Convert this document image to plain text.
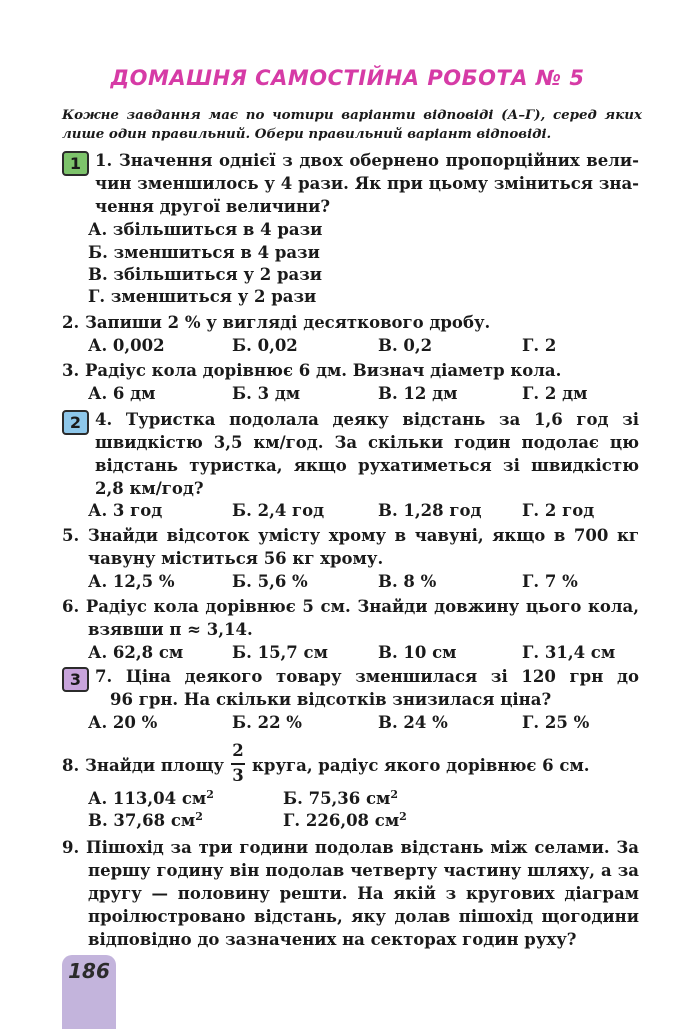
ДОМАШНЯ САМОСТІЙНА РОБОТА № 5
Кожне завдання має по чотири варіанти відповіді (А–Г), серед яких лише один правильний. Обери правильний варіант відповіді.
1 1. Значення однієї з двох обернено пропорційних вели-
чин зменшилось у 4 рази. Як при цьому зміниться зна-
чення другої величини?
А. збільшиться в 4 рази
Б. зменшиться в 4 рази
В. збільшиться у 2 рази
Г. зменшиться у 2 рази
2. Запиши 2 % у вигляді десяткового дробу.
А. 0,002	Б. 0,02	В. 0,2	Г. 2
3. Радіус кола дорівнює 6 дм. Визнач діаметр кола.
А. 6 дм	Б. 3 дм	В. 12 дм	Г. 2 дм
2 4. Туристка подолала деяку відстань за 1,6 год зі
швидкістю 3,5 км/год. За скільки годин подолає цю
відстань туристка, якщо рухатиметься зі швидкістю
2,8 км/год?
А. 3 год	Б. 2,4 год	В. 1,28 год Г. 2 год
5. Знайди відсоток умісту хрому в чавуні, якщо в 700 кг
чавуну міститься 56 кг хрому.
А. 12,5 %	Б. 5,6 %	В. 8 %	Г. 7 %
6. Радіус кола дорівнює 5 см. Знайди довжину цього кола,
взявши π ≈ 3,14.
А. 62,8 см	Б. 15,7 см	В. 10 см	Г. 31,4 см
3 7. Ціна деякого товару зменшилася зі 120 грн до
96 грн. На скільки відсотків знизилася ціна?
А. 20 %	Б. 22 %	В. 24 %	Г. 25 %
8. Знайди площу
2
3
круга, радіус якого дорівнює 6 см.
А. 113,04 $см^2$	Б. 75,36 $см^2$
В. 37,68 $см^2$	Г. 226,08 $см^2$
9. Пішохід за три години подолав відстань між селами. За
першу годину він подолав четверту частину шляху, а за
другу — половину решти. На якій з кругових діаграм
проілюстровано відстань, яку долав пішохід щогодини
відповідно до зазначених на секторах годин руху?
186
